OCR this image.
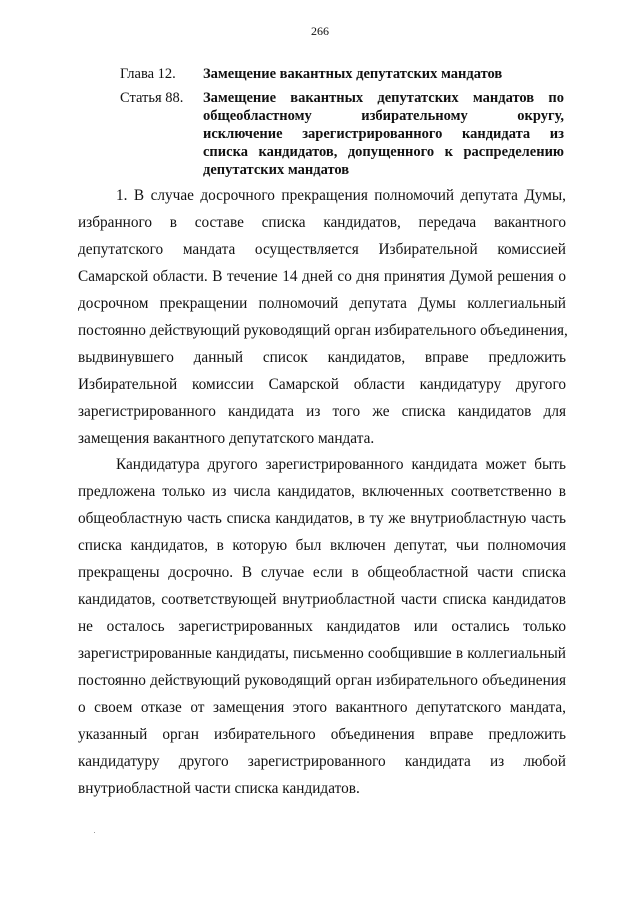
266
Глава 12.	Замещение вакантных депутатских мандатов
Статья 88.	Замещение вакантных депутатских мандатов по
общеобластному избирательному округу,
исключение зарегистрированного кандидата из
списка кандидатов, допущенного к распределению
депутатских мандатов
1. В случае досрочного прекращения полномочий депутата Думы,
избранного в составе списка кандидатов, передача вакантного
депутатского мандата осуществляется Избирательной комиссией
Самарской области. В течение 14 дней со дня принятия Думой решения о
досрочном прекращении полномочий депутата Думы коллегиальный
постоянно действующий руководящий орган избирательного объединения,
выдвинувшего данный список кандидатов, вправе предложить
Избирательной комиссии Самарской области кандидатуру другого
зарегистрированного кандидата из того же списка кандидатов для
замещения вакантного депутатского мандата.
Кандидатура другого зарегистрированного кандидата может быть
предложена только из числа кандидатов, включенных соответственно в
общеобластную часть списка кандидатов, в ту же внутриобластную часть
списка кандидатов, в которую был включен депутат, чьи полномочия
прекращены досрочно. В случае если в общеобластной части списка
кандидатов, соответствующей внутриобластной части списка кандидатов
не осталось зарегистрированных кандидатов или остались только
зарегистрированные кандидаты, письменно сообщившие в коллегиальный
постоянно действующий руководящий орган избирательного объединения
о своем отказе от замещения этого вакантного депутатского мандата,
указанный орган избирательного объединения вправе предложить
кандидатуру другого зарегистрированного кандидата из любой
внутриобластной части списка кандидатов.
